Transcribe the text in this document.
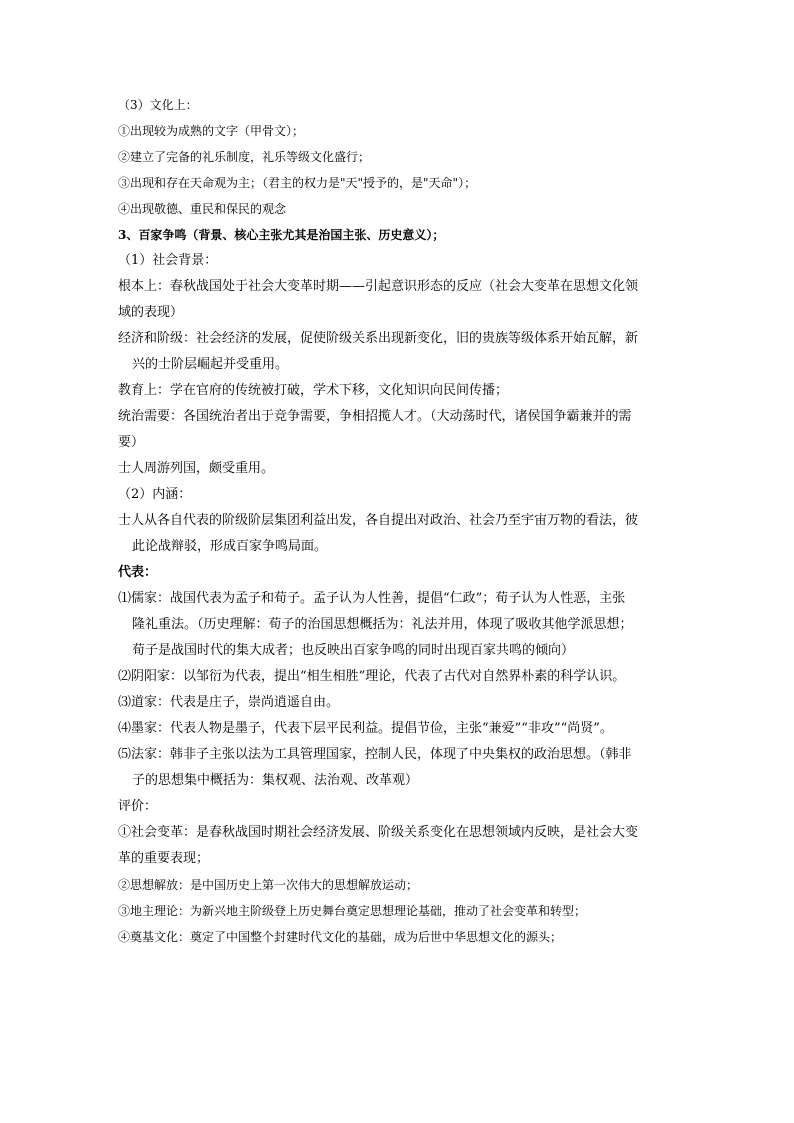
（3）文化上：

①出现较为成熟的文字（甲骨文）；

②建立了完备的礼乐制度，礼乐等级文化盛行；

③出现和存在天命观为主；（君主的权力是"天"授予的，是"天命"）；

④出现敬德、重民和保民的观念

3、百家争鸣（背景、核心主张尤其是治国主张、历史意义）；

（1）社会背景：

根本上：春秋战国处于社会大变革时期——引起意识形态的反应（社会大变革在思想文化领

域的表现）

经济和阶级：社会经济的发展，促使阶级关系出现新变化，旧的贵族等级体系开始瓦解，新

兴的士阶层崛起并受重用。

教育上：学在官府的传统被打破，学术下移，文化知识向民间传播；

统治需要：各国统治者出于竞争需要，争相招揽人才。（大动荡时代，诸侯国争霸兼并的需

要）

士人周游列国，颇受重用。

（2）内涵：

士人从各自代表的阶级阶层集团利益出发，各自提出对政治、社会乃至宇宙万物的看法，彼

此论战辩驳，形成百家争鸣局面。

代表：

⑴儒家：战国代表为孟子和荀子。孟子认为人性善，提倡“仁政”；荀子认为人性恶，主张

隆礼重法。（历史理解：荀子的治国思想概括为：礼法并用，体现了吸收其他学派思想；

荀子是战国时代的集大成者；也反映出百家争鸣的同时出现百家共鸣的倾向）

⑵阴阳家：以邹衍为代表，提出“相生相胜”理论，代表了古代对自然界朴素的科学认识。

⑶道家：代表是庄子，崇尚逍遥自由。

⑷墨家：代表人物是墨子，代表下层平民利益。提倡节俭，主张“兼爱”“非攻”“尚贤”。

⑸法家：韩非子主张以法为工具管理国家，控制人民，体现了中央集权的政治思想。（韩非

子的思想集中概括为：集权观、法治观、改革观）

评价：

①社会变革：是春秋战国时期社会经济发展、阶级关系变化在思想领域内反映，是社会大变

革的重要表现；

②思想解放：是中国历史上第一次伟大的思想解放运动；

③地主理论：为新兴地主阶级登上历史舞台奠定思想理论基础，推动了社会变革和转型；

④奠基文化：奠定了中国整个封建时代文化的基础，成为后世中华思想文化的源头；
